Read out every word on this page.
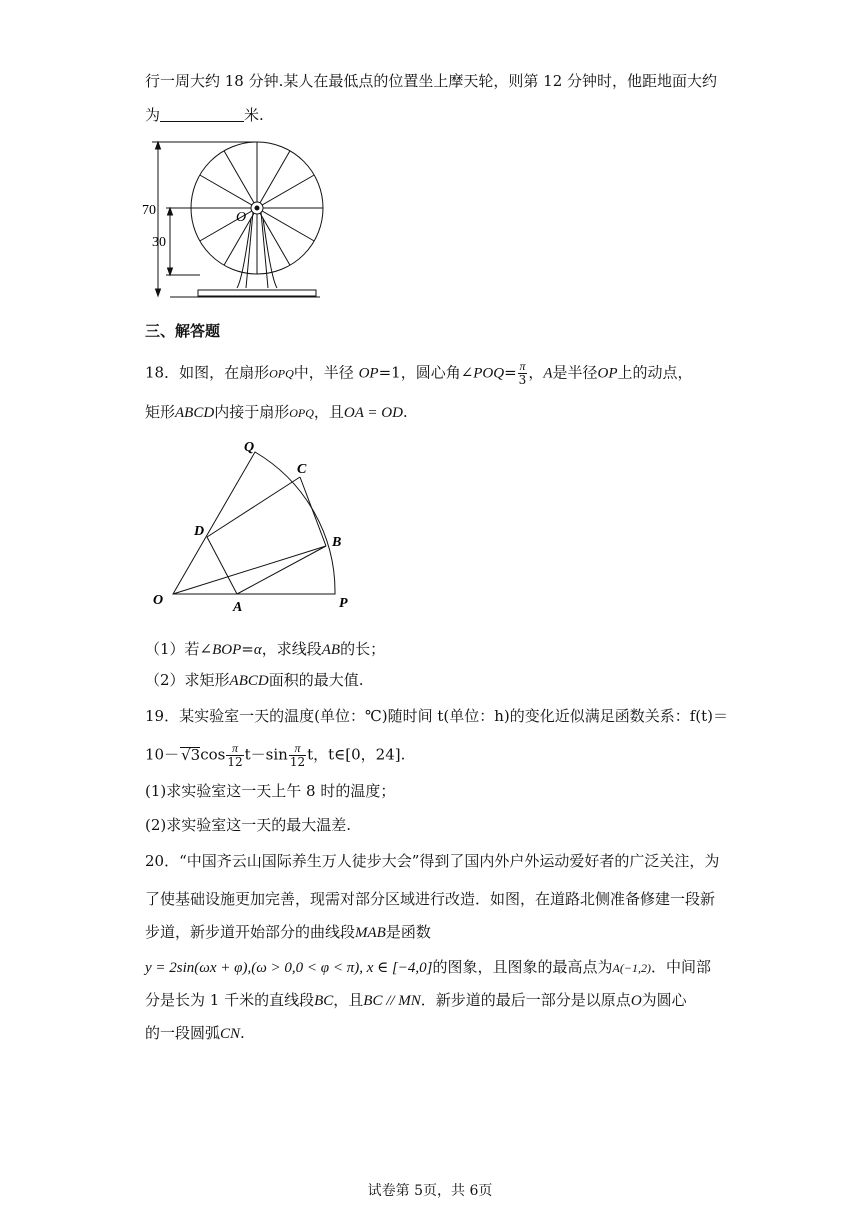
行一周大约 18 分钟.某人在最低点的位置坐上摩天轮，则第 12 分钟时，他距地面大约
为	米.
70
30
O
三、解答题
18．如图，在扇形OPQ中，半径 OP=1，圆心角∠POQ= $\frac{\pi}{3}$ ，A是半径OP上的动点，
矩形ABCD内接于扇形OPQ，且OA = OD.
Q
C
D
B
O	A	P
（1）若∠BOP=α，求线段AB的长；
（2）求矩形ABCD面积的最大值.
19．某实验室一天的温度(单位：℃)随时间 t(单位：h)的变化近似满足函数关系：f(t)＝
$10- √3\cos \frac{\pi}{12} t-\sin \frac{\pi}{12}$ t，t∈[0，24].
(1)求实验室这一天上午 8 时的温度；
(2)求实验室这一天的最大温差.
20．“中国齐云山国际养生万人徒步大会”得到了国内外户外运动爱好者的广泛关注，为
了使基础设施更加完善，现需对部分区域进行改造．如图，在道路北侧准备修建一段新
步道，新步道开始部分的曲线段MAB是函数
y = 2sin(ωx + φ),(ω > 0,0 < φ < π), x ∈ [−4,0]的图象，且图象的最高点为A(−1,2)．中间部
分是长为 1 千米的直线段BC，且BC // MN．新步道的最后一部分是以原点O为圆心
的一段圆弧CN.
试卷第 5页，共 6页
